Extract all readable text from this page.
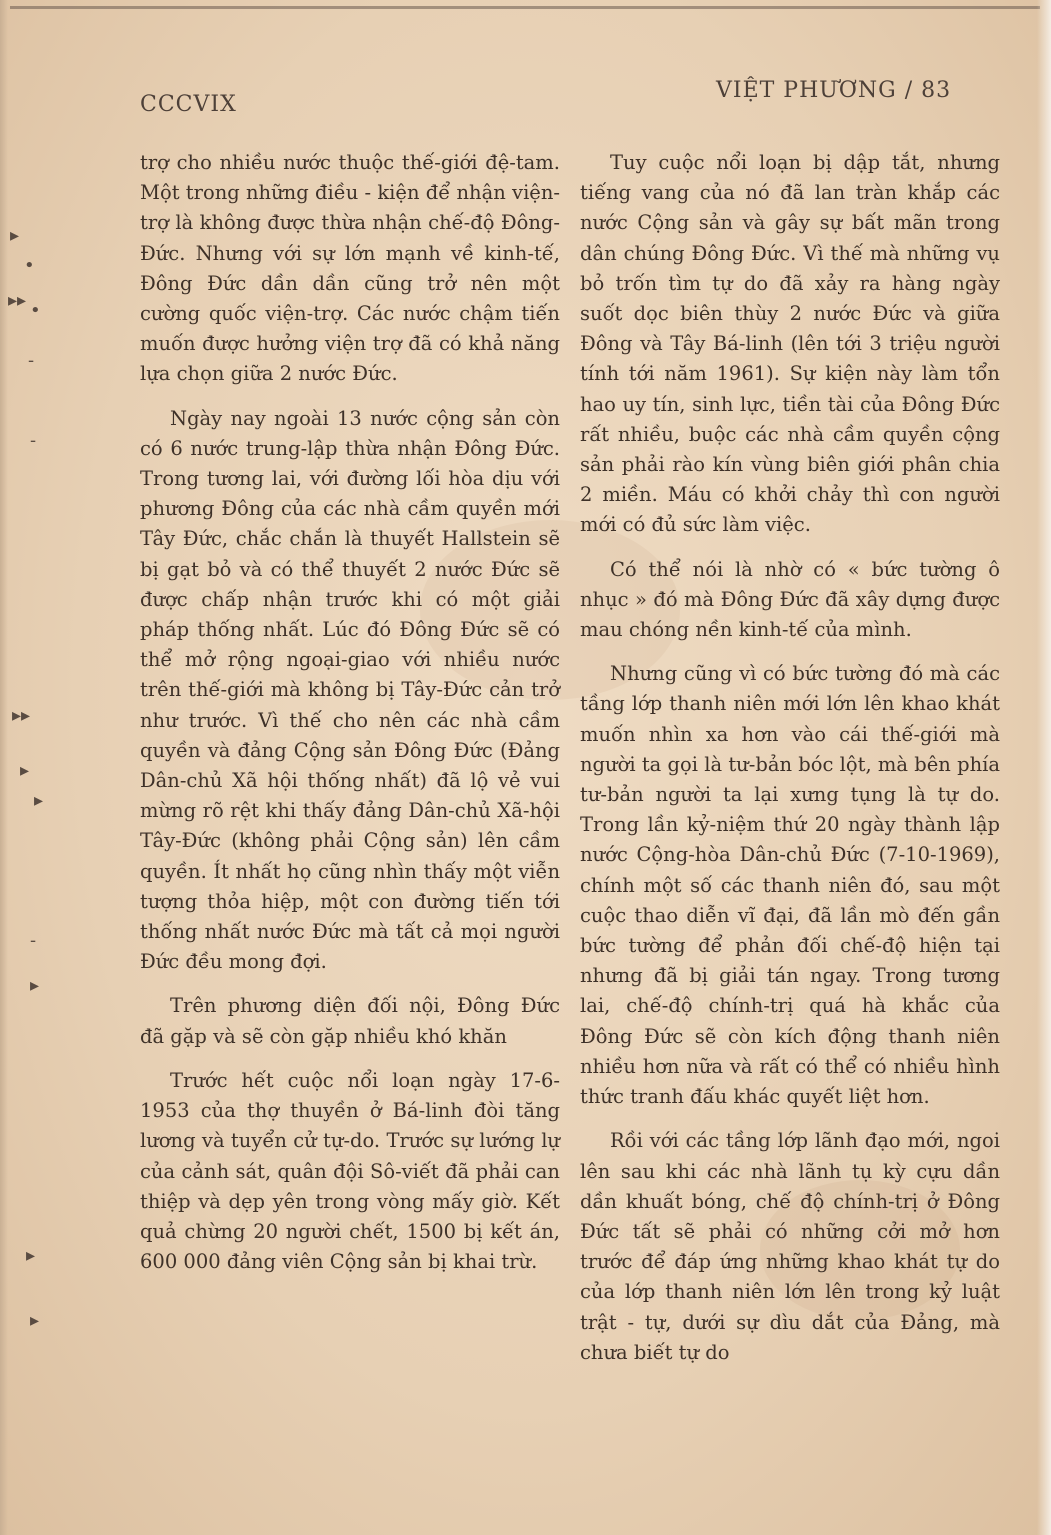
▸
•
▸▸ •
-
-
▸▸
▸
▸
-
▸
▸
▸
CCCVIX
VIỆT PHƯƠNG / 83

trợ cho nhiều nước thuộc thế-giới đệ-tam. Một trong những điều - kiện để nhận viện-trợ là không được thừa nhận chế-độ Đông-Đức. Nhưng với sự lớn mạnh về kinh-tế, Đông Đức dần dần cũng trở nên một cường quốc viện-trợ. Các nước chậm tiến muốn được hưởng viện trợ đã có khả năng lựa chọn giữa 2 nước Đức.

Ngày nay ngoài 13 nước cộng sản còn có 6 nước trung-lập thừa nhận Đông Đức. Trong tương lai, với đường lối hòa dịu với phương Đông của các nhà cầm quyền mới Tây Đức, chắc chắn là thuyết Hallstein sẽ bị gạt bỏ và có thể thuyết 2 nước Đức sẽ được chấp nhận trước khi có một giải pháp thống nhất. Lúc đó Đông Đức sẽ có thể mở rộng ngoại-giao với nhiều nước trên thế-giới mà không bị Tây-Đức cản trở như trước. Vì thế cho nên các nhà cầm quyền và đảng Cộng sản Đông Đức (Đảng Dân-chủ Xã hội thống nhất) đã lộ vẻ vui mừng rõ rệt khi thấy đảng Dân-chủ Xã-hội Tây-Đức (không phải Cộng sản) lên cầm quyền. Ít nhất họ cũng nhìn thấy một viễn tượng thỏa hiệp, một con đường tiến tới thống nhất nước Đức mà tất cả mọi người Đức đều mong đợi.

Trên phương diện đối nội, Đông Đức đã gặp và sẽ còn gặp nhiều khó khăn

Trước hết cuộc nổi loạn ngày 17-6-1953 của thợ thuyền ở Bá-linh đòi tăng lương và tuyển cử tự-do. Trước sự lướng lự của cảnh sát, quân đội Sô-viết đã phải can thiệp và dẹp yên trong vòng mấy giờ. Kết quả chừng 20 người chết, 1500 bị kết án, 600 000 đảng viên Cộng sản bị khai trừ.

Tuy cuộc nổi loạn bị dập tắt, nhưng tiếng vang của nó đã lan tràn khắp các nước Cộng sản và gây sự bất mãn trong dân chúng Đông Đức. Vì thế mà những vụ bỏ trốn tìm tự do đã xảy ra hàng ngày suốt dọc biên thùy 2 nước Đức và giữa Đông và Tây Bá-linh (lên tới 3 triệu người tính tới năm 1961). Sự kiện này làm tổn hao uy tín, sinh lực, tiền tài của Đông Đức rất nhiều, buộc các nhà cầm quyền cộng sản phải rào kín vùng biên giới phân chia 2 miền. Máu có khởi chảy thì con người mới có đủ sức làm việc.

Có thể nói là nhờ có « bức tường ô nhục » đó mà Đông Đức đã xây dựng được mau chóng nền kinh-tế của mình.

Nhưng cũng vì có bức tường đó mà các tầng lớp thanh niên mới lớn lên khao khát muốn nhìn xa hơn vào cái thế-giới mà người ta gọi là tư-bản bóc lột, mà bên phía tư-bản người ta lại xưng tụng là tự do. Trong lần kỷ-niệm thứ 20 ngày thành lập nước Cộng-hòa Dân-chủ Đức (7-10-1969), chính một số các thanh niên đó, sau một cuộc thao diễn vĩ đại, đã lần mò đến gần bức tường để phản đối chế-độ hiện tại nhưng đã bị giải tán ngay. Trong tương lai, chế-độ chính-trị quá hà khắc của Đông Đức sẽ còn kích động thanh niên nhiều hơn nữa và rất có thể có nhiều hình thức tranh đấu khác quyết liệt hơn.

Rồi với các tầng lớp lãnh đạo mới, ngoi lên sau khi các nhà lãnh tụ kỳ cựu dần dần khuất bóng, chế độ chính-trị ở Đông Đức tất sẽ phải có những cởi mở hơn trước để đáp ứng những khao khát tự do của lớp thanh niên lớn lên trong kỷ luật trật - tự, dưới sự dìu dắt của Đảng, mà chưa biết tự do
